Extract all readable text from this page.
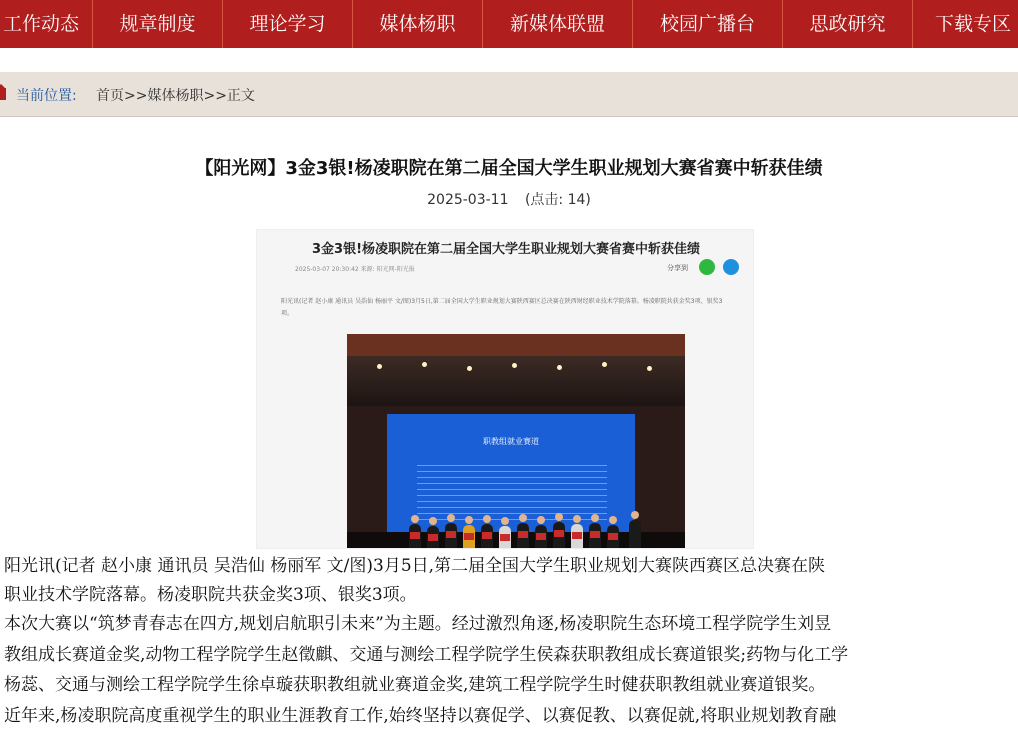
工作动态	规章制度	理论学习	媒体杨职	新媒体联盟	校园广播台	思政研究	下载专区
当前位置: 首页>>媒体杨职>>正文
【阳光网】3金3银!杨凌职院在第二届全国大学生职业规划大赛省赛中斩获佳绩
2025-03-11 (点击: 14)
3金3银!杨凌职院在第二届全国大学生职业规划大赛省赛中斩获佳绩
2025-03-07 20:30:42 来源: 阳光网-阳光报	分享到
阳光讯(记者 赵小康 通讯员 吴浩仙 杨丽平 文/图)3月5日,第二届全国大学生职业规划大赛陕西赛区总决赛在陕西财经职业技术学院落幕。杨凌职院共获金奖3项、银奖3项。
职教组就业赛道
阳光讯(记者 赵小康 通讯员 吴浩仙 杨丽军 文/图)3月5日,第二届全国大学生职业规划大赛陕西赛区总决赛在陕
职业技术学院落幕。杨凌职院共获金奖3项、银奖3项。
本次大赛以“筑梦青春志在四方,规划启航职引未来”为主题。经过激烈角逐,杨凌职院生态环境工程学院学生刘昱
教组成长赛道金奖,动物工程学院学生赵徵麒、交通与测绘工程学院学生侯森获职教组成长赛道银奖;药物与化工学
杨蕊、交通与测绘工程学院学生徐卓璇获职教组就业赛道金奖,建筑工程学院学生时健获职教组就业赛道银奖。
近年来,杨凌职院高度重视学生的职业生涯教育工作,始终坚持以赛促学、以赛促教、以赛促就,将职业规划教育融
